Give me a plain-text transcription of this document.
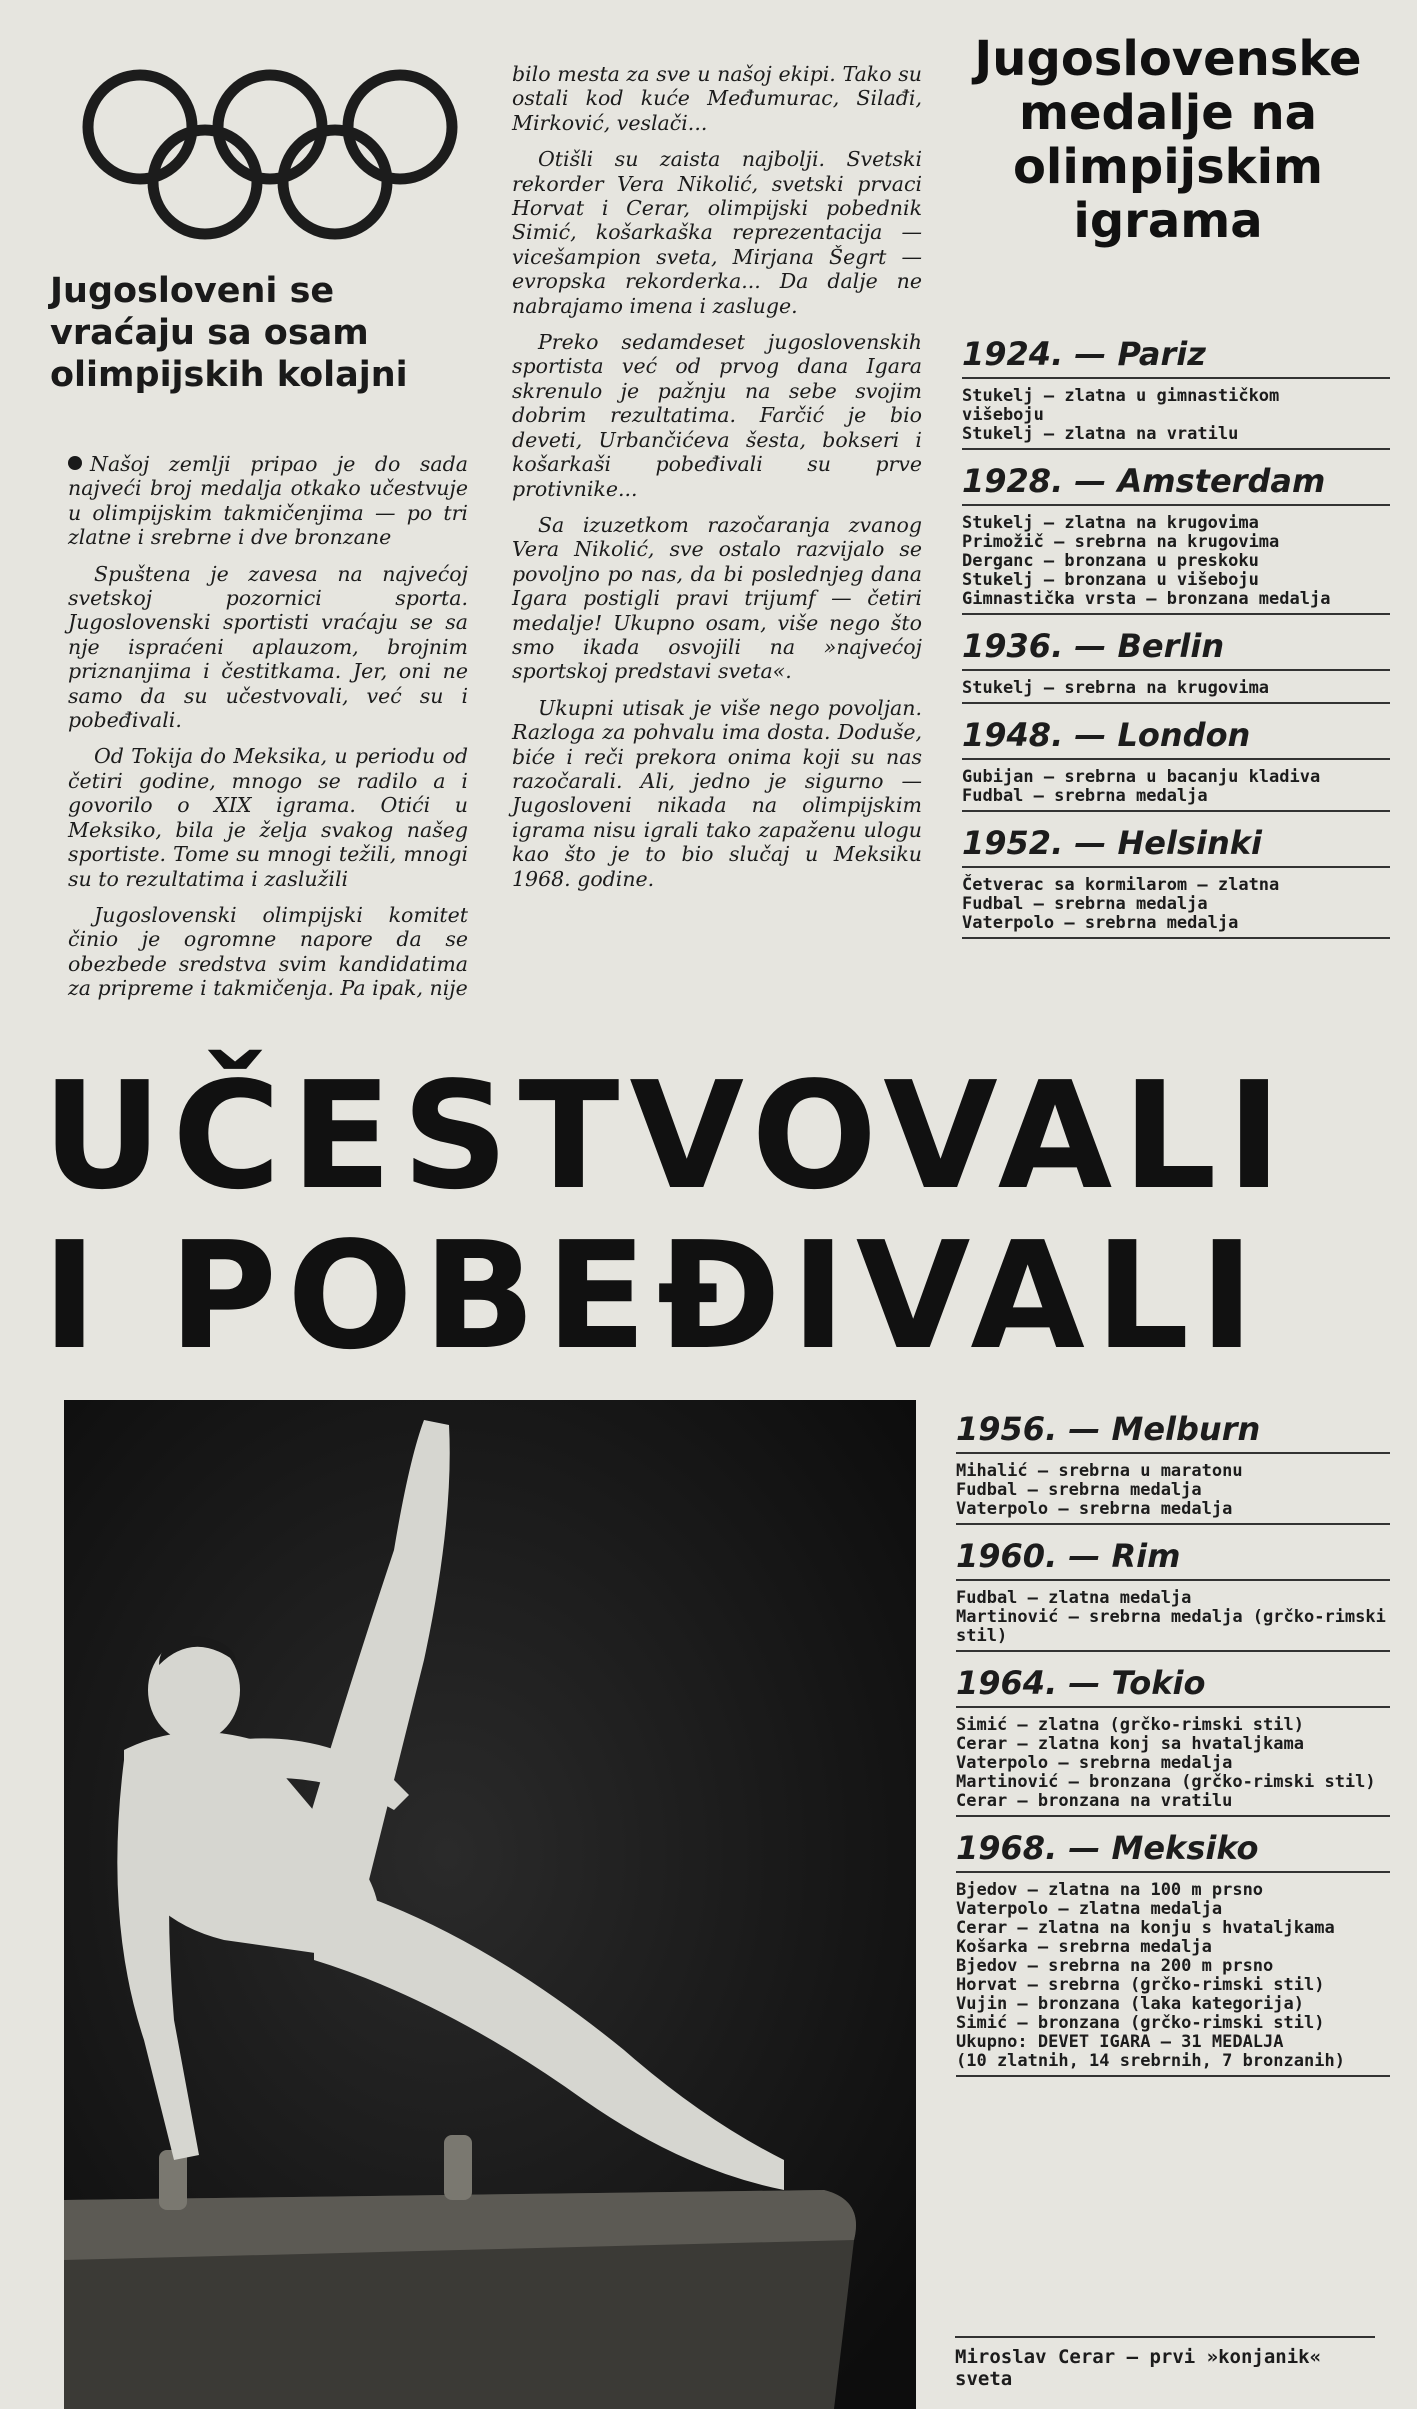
Jugosloveni se
vraćaju sa osam
olimpijskih kolajni

Našoj zemlji pripao je do sada najveći broj medalja otkako učestvuje u olimpijskim takmičenjima — po tri zlatne i srebrne i dve bronzane

Spuštena je zavesa na najvećoj svetskoj pozornici sporta. Jugoslovenski sportisti vraćaju se sa nje ispraćeni aplauzom, brojnim priznanjima i čestitkama. Jer, oni ne samo da su učestvovali, već su i pobeđivali.

Od Tokija do Meksika, u periodu od četiri godine, mnogo se radilo a i govorilo o XIX igrama. Otići u Meksiko, bila je želja svakog našeg sportiste. Tome su mnogi težili, mnogi su to rezultatima i zaslužili

Jugoslovenski olimpijski komitet činio je ogromne napore da se obezbede sredstva svim kandidatima za pripreme i takmičenja. Pa ipak, nije

bilo mesta za sve u našoj ekipi. Tako su ostali kod kuće Međumurac, Silađi, Mirković, veslači...

Otišli su zaista najbolji. Svetski rekorder Vera Nikolić, svetski prvaci Horvat i Cerar, olimpijski pobednik Simić, košarkaška reprezentacija — vicešampion sveta, Mirjana Šegrt — evropska rekorderka... Da dalje ne nabrajamo imena i zasluge.

Preko sedamdeset jugoslovenskih sportista već od prvog dana Igara skrenulo je pažnju na sebe svojim dobrim rezultatima. Farčić je bio deveti, Urbančićeva šesta, bokseri i košarkaši pobeđivali su prve protivnike...

Sa izuzetkom razočaranja zvanog Vera Nikolić, sve ostalo razvijalo se povoljno po nas, da bi poslednjeg dana Igara postigli pravi trijumf — četiri medalje! Ukupno osam, više nego što smo ikada osvojili na »najvećoj sportskoj predstavi sveta«.

Ukupni utisak je više nego povoljan. Razloga za pohvalu ima dosta. Doduše, biće i reči prekora onima koji su nas razočarali. Ali, jedno je sigurno — Jugosloveni nikada na olimpijskim igrama nisu igrali tako zapaženu ulogu kao što je to bio slučaj u Meksiku 1968. godine.

Jugoslovenske
medalje na
olimpijskim
igrama
1924. — Pariz
Stukelj — zlatna u gimnastičkom
višeboju
Stukelj — zlatna na vratilu
1928. — Amsterdam
Stukelj — zlatna na krugovima
Primožič — srebrna na krugovima
Derganc — bronzana u preskoku
Stukelj — bronzana u višeboju
Gimnastička vrsta — bronzana medalja
1936. — Berlin
Stukelj — srebrna na krugovima
1948. — London
Gubijan — srebrna u bacanju kladiva
Fudbal — srebrna medalja
1952. — Helsinki
Četverac sa kormilarom — zlatna
Fudbal — srebrna medalja
Vaterpolo — srebrna medalja
UČESTVOVALI
I POBEĐIVALI
1956. — Melburn
Mihalić — srebrna u maratonu
Fudbal — srebrna medalja
Vaterpolo — srebrna medalja
1960. — Rim
Fudbal — zlatna medalja
Martinović — srebrna medalja (grčko-rimski stil)
1964. — Tokio
Simić — zlatna (grčko-rimski stil)
Cerar — zlatna konj sa hvataljkama
Vaterpolo — srebrna medalja
Martinović — bronzana (grčko-rimski stil)
Cerar — bronzana na vratilu
1968. — Meksiko
Bjedov — zlatna na 100 m prsno
Vaterpolo — zlatna medalja
Cerar — zlatna na konju s hvataljkama
Košarka — srebrna medalja
Bjedov — srebrna na 200 m prsno
Horvat — srebrna (grčko-rimski stil)
Vujin — bronzana (laka kategorija)
Simić — bronzana (grčko-rimski stil)
Ukupno: DEVET IGARA — 31 MEDALJA
(10 zlatnih, 14 srebrnih, 7 bronzanih)
Miroslav Cerar — prvi »konjanik« sveta
